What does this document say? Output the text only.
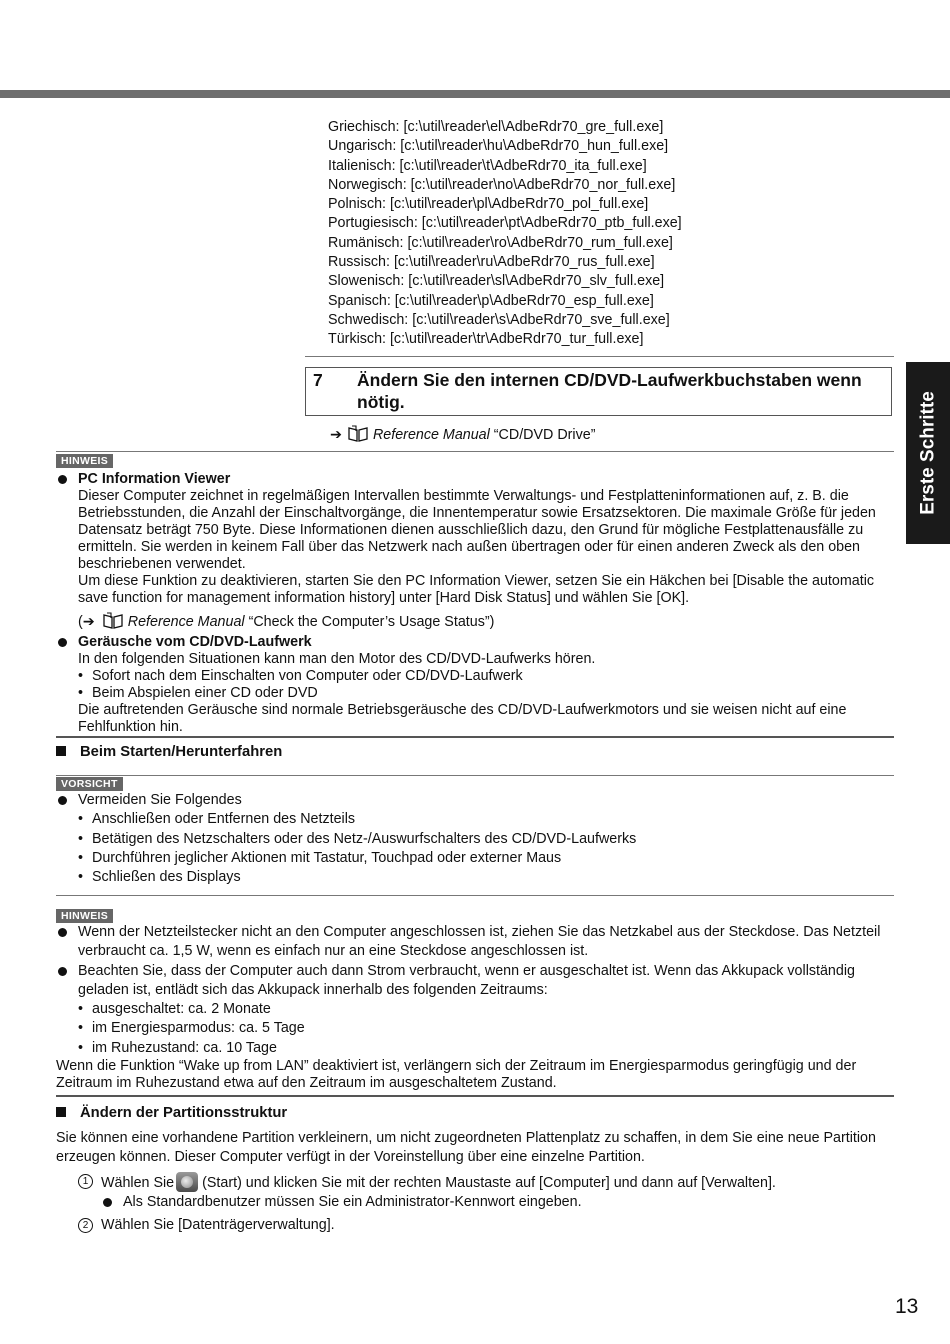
Erste Schritte
Griechisch: [c:\util\reader\el\AdbeRdr70_gre_full.exe]
Ungarisch: [c:\util\reader\hu\AdbeRdr70_hun_full.exe]
Italienisch: [c:\util\reader\t\AdbeRdr70_ita_full.exe]
Norwegisch: [c:\util\reader\no\AdbeRdr70_nor_full.exe]
Polnisch: [c:\util\reader\pl\AdbeRdr70_pol_full.exe]
Portugiesisch: [c:\util\reader\pt\AdbeRdr70_ptb_full.exe]
Rumänisch: [c:\util\reader\ro\AdbeRdr70_rum_full.exe]
Russisch: [c:\util\reader\ru\AdbeRdr70_rus_full.exe]
Slowenisch: [c:\util\reader\sl\AdbeRdr70_slv_full.exe]
Spanisch: [c:\util\reader\p\AdbeRdr70_esp_full.exe]
Schwedisch: [c:\util\reader\s\AdbeRdr70_sve_full.exe]
Türkisch: [c:\util\reader\tr\AdbeRdr70_tur_full.exe]
7 Ändern Sie den internen CD/DVD-Laufwerkbuchstaben wenn nötig.
➔ Reference Manual “CD/DVD Drive”
HINWEIS
PC Information Viewer
Dieser Computer zeichnet in regelmäßigen Intervallen bestimmte Verwaltungs- und Festplatteninformationen auf, z. B. die Betriebsstunden, die Anzahl der Einschaltvorgänge, die Innentemperatur sowie Ersatzsektoren. Die maximale Größe für jeden Datensatz beträgt 750 Byte. Diese Informationen dienen ausschließlich dazu, den Grund für mögliche Festplattenausfälle zu ermitteln. Sie werden in keinem Fall über das Netzwerk nach außen übertragen oder für einen anderen Zweck als den oben beschriebenen verwendet.
Um diese Funktion zu deaktivieren, starten Sie den PC Information Viewer, setzen Sie ein Häkchen bei [Disable the automatic save function for management information history] unter [Hard Disk Status] und wählen Sie [OK].
(➔ Reference Manual “Check the Computer’s Usage Status”)
Geräusche vom CD/DVD-Laufwerk
In den folgenden Situationen kann man den Motor des CD/DVD-Laufwerks hören.
• Sofort nach dem Einschalten von Computer oder CD/DVD-Laufwerk
• Beim Abspielen einer CD oder DVD
Die auftretenden Geräusche sind normale Betriebsgeräusche des CD/DVD-Laufwerkmotors und sie weisen nicht auf eine Fehlfunktion hin.
Beim Starten/Herunterfahren
VORSICHT
Vermeiden Sie Folgendes
• Anschließen oder Entfernen des Netzteils
• Betätigen des Netzschalters oder des Netz-/Auswurfschalters des CD/DVD-Laufwerks
• Durchführen jeglicher Aktionen mit Tastatur, Touchpad oder externer Maus
• Schließen des Displays
HINWEIS
Wenn der Netzteilstecker nicht an den Computer angeschlossen ist, ziehen Sie das Netzkabel aus der Steckdose. Das Netzteil verbraucht ca. 1,5 W, wenn es einfach nur an eine Steckdose angeschlossen ist.
Beachten Sie, dass der Computer auch dann Strom verbraucht, wenn er ausgeschaltet ist. Wenn das Akkupack vollständig geladen ist, entlädt sich das Akkupack innerhalb des folgenden Zeitraums:
• ausgeschaltet: ca. 2 Monate
• im Energiesparmodus: ca. 5 Tage
• im Ruhezustand: ca. 10 Tage
Wenn die Funktion “Wake up from LAN” deaktiviert ist, verlängern sich der Zeitraum im Energiesparmodus geringfügig und der Zeitraum im Ruhezustand etwa auf den Zeitraum im ausgeschaltetem Zustand.
Ändern der Partitionsstruktur
Sie können eine vorhandene Partition verkleinern, um nicht zugeordneten Plattenplatz zu schaffen, in dem Sie eine neue Partition erzeugen können. Dieser Computer verfügt in der Voreinstellung über eine einzelne Partition.
1 Wählen Sie (Start) und klicken Sie mit der rechten Maustaste auf [Computer] und dann auf [Verwalten].
Als Standardbenutzer müssen Sie ein Administrator-Kennwort eingeben.
2 Wählen Sie [Datenträgerverwaltung].
13
